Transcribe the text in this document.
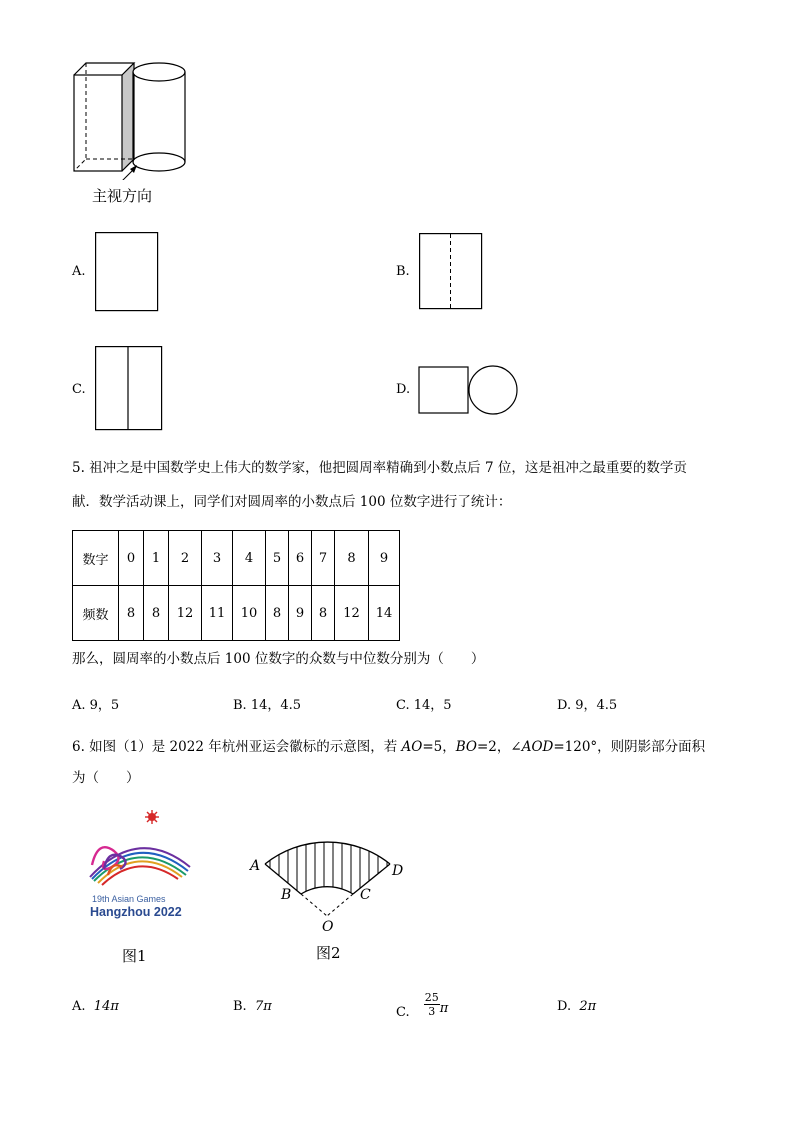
主视方向
A.	B.
C.	D.
5. 祖冲之是中国数学史上伟大的数学家，他把圆周率精确到小数点后 7 位，这是祖冲之最重要的数学贡
献．数学活动课上，同学们对圆周率的小数点后 100 位数字进行了统计：
数字	0	1	2	3	4	5	6	7	8	9
频数	8	8	12	11	10	8	9	8	12	14
那么，圆周率的小数点后 100 位数字的众数与中位数分别为（　　）
A. 9，5	B. 14，4.5	C. 14，5	D. 9，4.5
6. 如图（1）是 2022 年杭州亚运会徽标的示意图，若 AO=5，BO=2，∠AOD=120°，则阴影部分面积
为（　　）
19th Asian Games
Hangzhou 2022
图1
A
B	C
D
O
图2
A. 14π	B. 7π	C. $\frac{25}{3}$ π	D. 2π
